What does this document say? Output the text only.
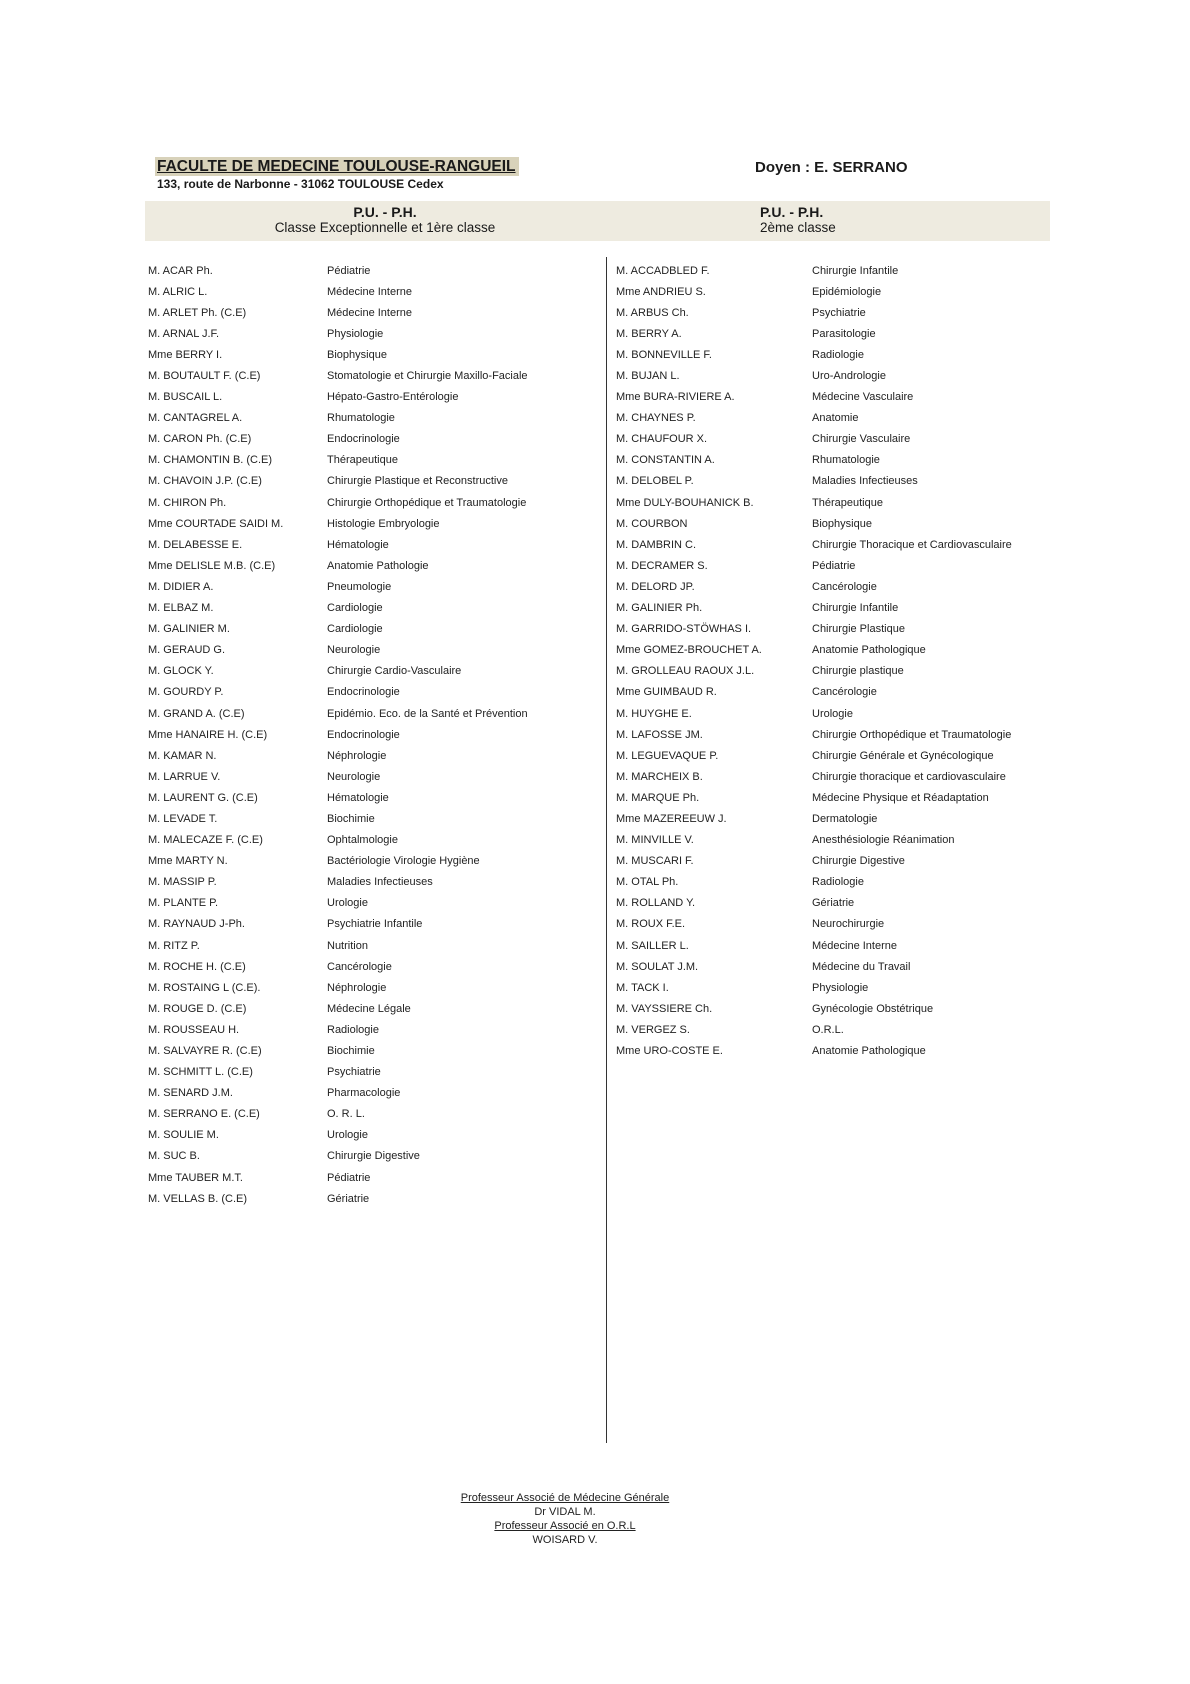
FACULTE DE MEDECINE TOULOUSE-RANGUEIL
133, route de Narbonne - 31062 TOULOUSE Cedex
Doyen : E. SERRANO
P.U. - P.H.
Classe Exceptionnelle et 1ère classe
P.U. - P.H.
2ème classe
M. ACAR Ph.	Pédiatrie
M. ALRIC L.	Médecine Interne
M. ARLET Ph. (C.E)	Médecine Interne
M. ARNAL J.F.	Physiologie
Mme BERRY I.	Biophysique
M. BOUTAULT F. (C.E)	Stomatologie et Chirurgie Maxillo-Faciale
M. BUSCAIL L.	Hépato-Gastro-Entérologie
M. CANTAGREL A.	Rhumatologie
M. CARON Ph. (C.E)	Endocrinologie
M. CHAMONTIN B. (C.E)	Thérapeutique
M. CHAVOIN J.P. (C.E)	Chirurgie Plastique et Reconstructive
M. CHIRON Ph.	Chirurgie Orthopédique et Traumatologie
Mme COURTADE SAIDI M.	Histologie Embryologie
M. DELABESSE E.	Hématologie
Mme DELISLE M.B. (C.E)	Anatomie Pathologie
M. DIDIER A.	Pneumologie
M. ELBAZ M.	Cardiologie
M. GALINIER M.	Cardiologie
M. GERAUD G.	Neurologie
M. GLOCK Y.	Chirurgie Cardio-Vasculaire
M. GOURDY P.	Endocrinologie
M. GRAND A. (C.E)	Epidémio. Eco. de la Santé et Prévention
Mme HANAIRE H. (C.E)	Endocrinologie
M. KAMAR N.	Néphrologie
M. LARRUE V.	Neurologie
M. LAURENT G. (C.E)	Hématologie
M. LEVADE T.	Biochimie
M. MALECAZE F. (C.E)	Ophtalmologie
Mme MARTY N.	Bactériologie Virologie Hygiène
M. MASSIP P.	Maladies Infectieuses
M. PLANTE P.	Urologie
M. RAYNAUD J-Ph.	Psychiatrie Infantile
M. RITZ P.	Nutrition
M. ROCHE H. (C.E)	Cancérologie
M. ROSTAING L (C.E).	Néphrologie
M. ROUGE D. (C.E)	Médecine Légale
M. ROUSSEAU H.	Radiologie
M. SALVAYRE R. (C.E)	Biochimie
M. SCHMITT L. (C.E)	Psychiatrie
M. SENARD J.M.	Pharmacologie
M. SERRANO E. (C.E)	O. R. L.
M. SOULIE M.	Urologie
M. SUC B.	Chirurgie Digestive
Mme TAUBER M.T.	Pédiatrie
M. VELLAS B. (C.E)	Gériatrie
M. ACCADBLED F.	Chirurgie Infantile
Mme ANDRIEU S.	Epidémiologie
M. ARBUS Ch.	Psychiatrie
M. BERRY A.	Parasitologie
M. BONNEVILLE F.	Radiologie
M. BUJAN L.	Uro-Andrologie
Mme BURA-RIVIERE A.	Médecine Vasculaire
M. CHAYNES P.	Anatomie
M. CHAUFOUR X.	Chirurgie Vasculaire
M. CONSTANTIN A.	Rhumatologie
M. DELOBEL P.	Maladies Infectieuses
Mme DULY-BOUHANICK B.	Thérapeutique
M. COURBON	Biophysique
M. DAMBRIN C.	Chirurgie Thoracique et Cardiovasculaire
M. DECRAMER S.	Pédiatrie
M. DELORD JP.	Cancérologie
M. GALINIER Ph.	Chirurgie Infantile
M. GARRIDO-STÖWHAS I.	Chirurgie Plastique
Mme GOMEZ-BROUCHET A.	Anatomie Pathologique
M. GROLLEAU RAOUX J.L.	Chirurgie plastique
Mme GUIMBAUD R.	Cancérologie
M. HUYGHE E.	Urologie
M. LAFOSSE JM.	Chirurgie Orthopédique et Traumatologie
M. LEGUEVAQUE P.	Chirurgie Générale et Gynécologique
M. MARCHEIX B.	Chirurgie thoracique et cardiovasculaire
M. MARQUE Ph.	Médecine Physique et Réadaptation
Mme MAZEREEUW J.	Dermatologie
M. MINVILLE V.	Anesthésiologie Réanimation
M. MUSCARI F.	Chirurgie Digestive
M. OTAL Ph.	Radiologie
M. ROLLAND Y.	Gériatrie
M. ROUX F.E.	Neurochirurgie
M. SAILLER L.	Médecine Interne
M. SOULAT J.M.	Médecine du Travail
M. TACK I.	Physiologie
M. VAYSSIERE Ch.	Gynécologie Obstétrique
M. VERGEZ S.	O.R.L.
Mme URO-COSTE E.	Anatomie Pathologique
Professeur Associé de Médecine Générale
Dr VIDAL M.
Professeur Associé en O.R.L
WOISARD V.
